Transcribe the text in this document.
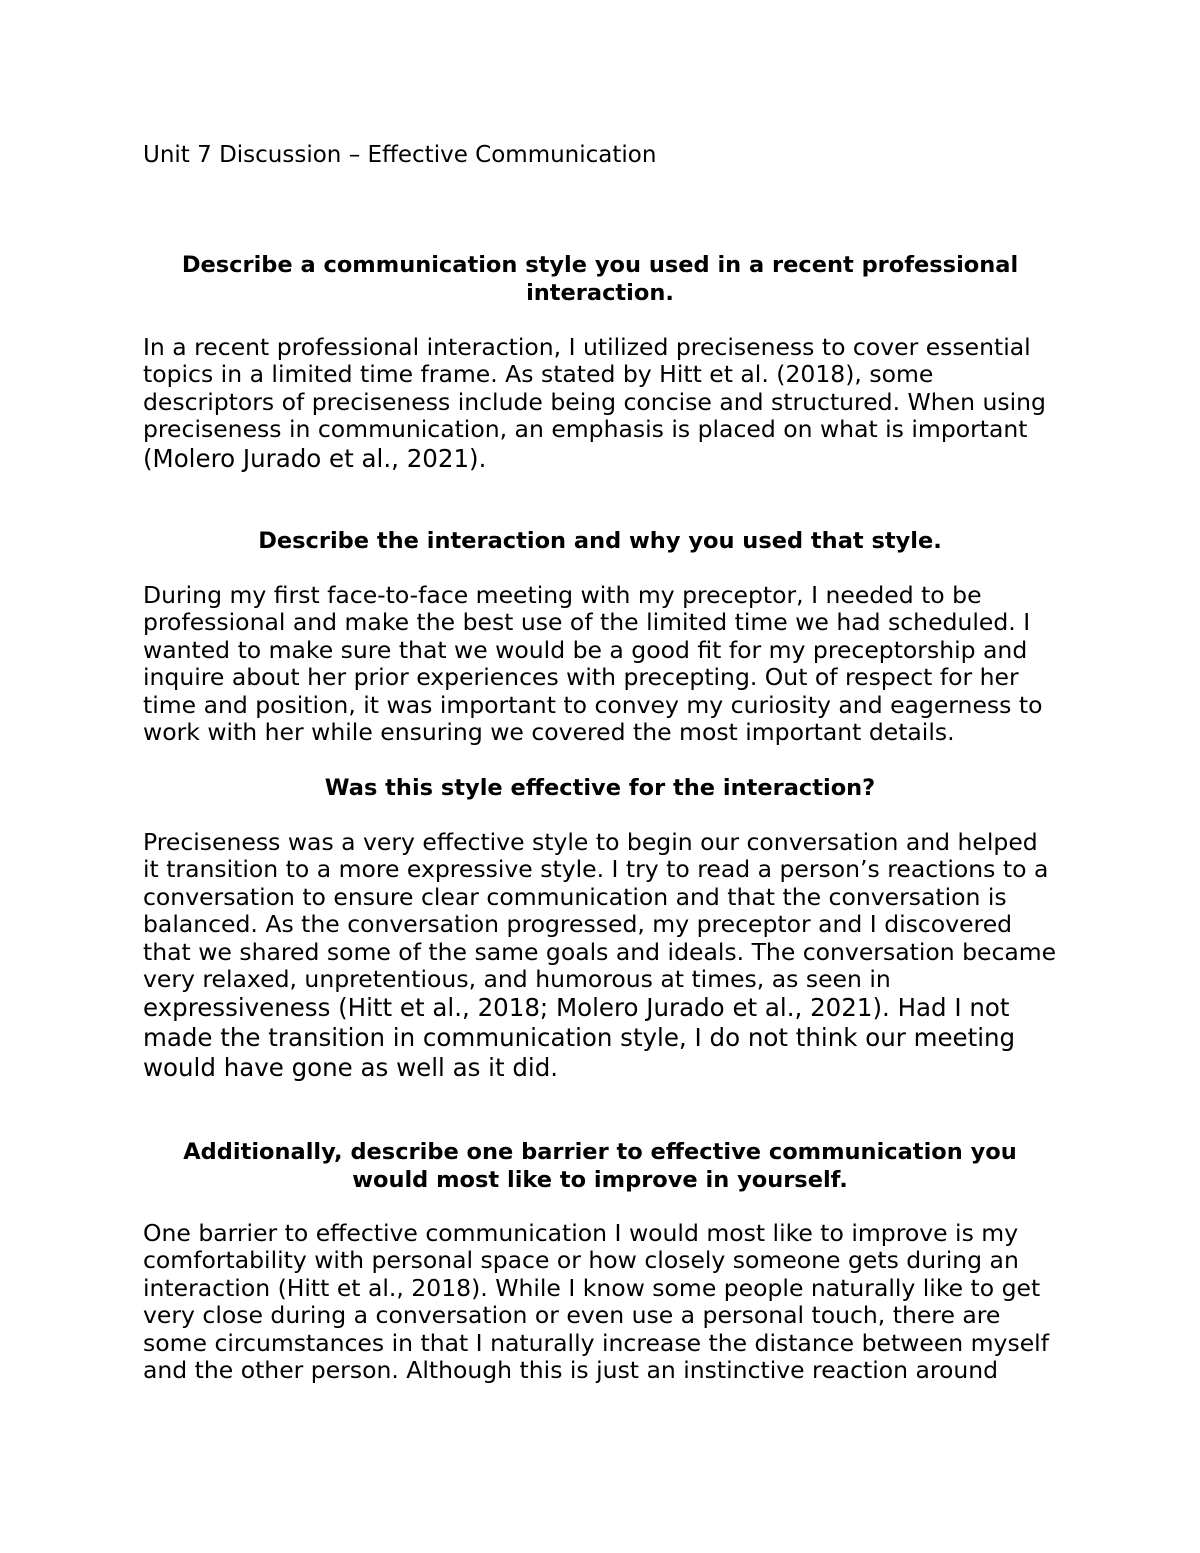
Unit 7 Discussion – Effective Communication
Describe a communication style you used in a recent professional
interaction.
In a recent professional interaction, I utilized preciseness to cover essential
topics in a limited time frame. As stated by Hitt et al. (2018), some
descriptors of preciseness include being concise and structured. When using
preciseness in communication, an emphasis is placed on what is important
(Molero Jurado et al., 2021).
Describe the interaction and why you used that style.
During my first face-to-face meeting with my preceptor, I needed to be
professional and make the best use of the limited time we had scheduled. I
wanted to make sure that we would be a good fit for my preceptorship and
inquire about her prior experiences with precepting. Out of respect for her
time and position, it was important to convey my curiosity and eagerness to
work with her while ensuring we covered the most important details.
Was this style effective for the interaction?
Preciseness was a very effective style to begin our conversation and helped
it transition to a more expressive style. I try to read a person’s reactions to a
conversation to ensure clear communication and that the conversation is
balanced. As the conversation progressed, my preceptor and I discovered
that we shared some of the same goals and ideals. The conversation became
very relaxed, unpretentious, and humorous at times, as seen in
expressiveness (Hitt et al., 2018; Molero Jurado et al., 2021). Had I not
made the transition in communication style, I do not think our meeting
would have gone as well as it did.
Additionally, describe one barrier to effective communication you
would most like to improve in yourself.
One barrier to effective communication I would most like to improve is my
comfortability with personal space or how closely someone gets during an
interaction (Hitt et al., 2018). While I know some people naturally like to get
very close during a conversation or even use a personal touch, there are
some circumstances in that I naturally increase the distance between myself
and the other person. Although this is just an instinctive reaction around
